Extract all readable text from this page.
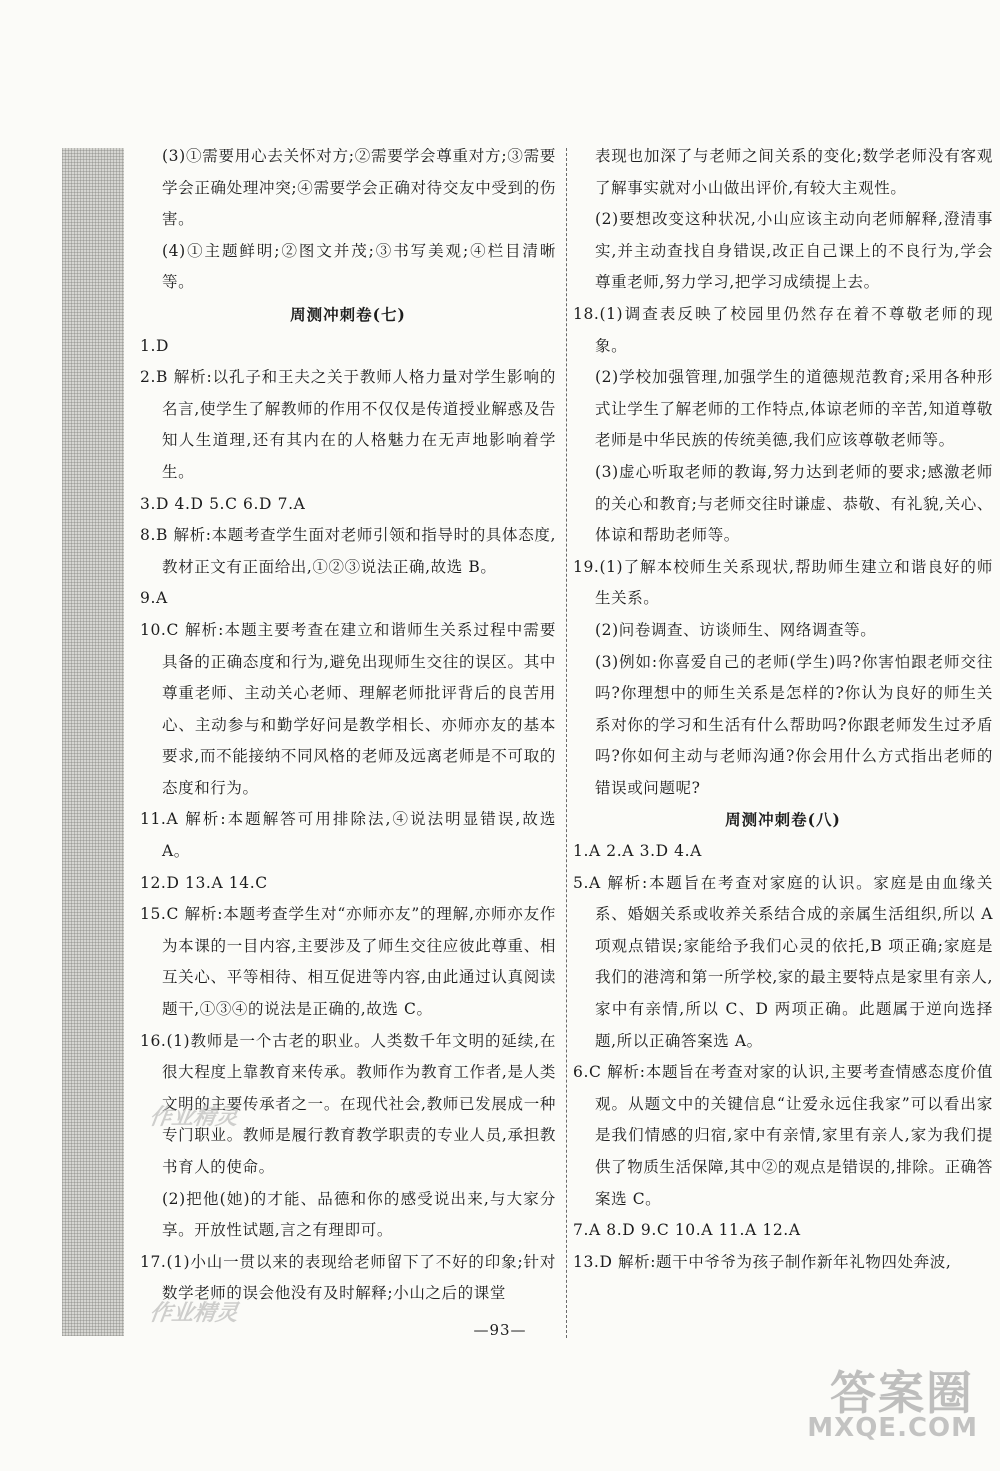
(3)①需要用心去关怀对方;②需要学会尊重对方;③需要学会正确处理冲突;④需要学会正确对待交友中受到的伤害。

(4)①主题鲜明;②图文并茂;③书写美观;④栏目清晰等。

周测冲刺卷(七)

1.D

2.B 解析:以孔子和王夫之关于教师人格力量对学生影响的名言,使学生了解教师的作用不仅仅是传道授业解惑及告知人生道理,还有其内在的人格魅力在无声地影响着学生。

3.D 4.D 5.C 6.D 7.A

8.B 解析:本题考查学生面对老师引领和指导时的具体态度,教材正文有正面给出,①②③说法正确,故选 B。

9.A

10.C 解析:本题主要考查在建立和谐师生关系过程中需要具备的正确态度和行为,避免出现师生交往的误区。其中尊重老师、主动关心老师、理解老师批评背后的良苦用心、主动参与和勤学好问是教学相长、亦师亦友的基本要求,而不能接纳不同风格的老师及远离老师是不可取的态度和行为。

11.A 解析:本题解答可用排除法,④说法明显错误,故选 A。

12.D 13.A 14.C

15.C 解析:本题考查学生对“亦师亦友”的理解,亦师亦友作为本课的一目内容,主要涉及了师生交往应彼此尊重、相互关心、平等相待、相互促进等内容,由此通过认真阅读题干,①③④的说法是正确的,故选 C。

16.(1)教师是一个古老的职业。人类数千年文明的延续,在很大程度上靠教育来传承。教师作为教育工作者,是人类文明的主要传承者之一。在现代社会,教师已发展成一种专门职业。教师是履行教育教学职责的专业人员,承担教书育人的使命。

(2)把他(她)的才能、品德和你的感受说出来,与大家分享。开放性试题,言之有理即可。

17.(1)小山一贯以来的表现给老师留下了不好的印象;针对数学老师的误会他没有及时解释;小山之后的课堂

表现也加深了与老师之间关系的变化;数学老师没有客观了解事实就对小山做出评价,有较大主观性。

(2)要想改变这种状况,小山应该主动向老师解释,澄清事实,并主动查找自身错误,改正自己课上的不良行为,学会尊重老师,努力学习,把学习成绩提上去。

18.(1)调查表反映了校园里仍然存在着不尊敬老师的现象。

(2)学校加强管理,加强学生的道德规范教育;采用各种形式让学生了解老师的工作特点,体谅老师的辛苦,知道尊敬老师是中华民族的传统美德,我们应该尊敬老师等。

(3)虚心听取老师的教诲,努力达到老师的要求;感激老师的关心和教育;与老师交往时谦虚、恭敬、有礼貌,关心、体谅和帮助老师等。

19.(1)了解本校师生关系现状,帮助师生建立和谐良好的师生关系。

(2)问卷调查、访谈师生、网络调查等。

(3)例如:你喜爱自己的老师(学生)吗?你害怕跟老师交往吗?你理想中的师生关系是怎样的?你认为良好的师生关系对你的学习和生活有什么帮助吗?你跟老师发生过矛盾吗?你如何主动与老师沟通?你会用什么方式指出老师的错误或问题呢?

周测冲刺卷(八)

1.A 2.A 3.D 4.A

5.A 解析:本题旨在考查对家庭的认识。家庭是由血缘关系、婚姻关系或收养关系结合成的亲属生活组织,所以 A 项观点错误;家能给予我们心灵的依托,B 项正确;家庭是我们的港湾和第一所学校,家的最主要特点是家里有亲人,家中有亲情,所以 C、D 两项正确。此题属于逆向选择题,所以正确答案选 A。

6.C 解析:本题旨在考查对家的认识,主要考查情感态度价值观。从题文中的关键信息“让爱永远住我家”可以看出家是我们情感的归宿,家中有亲情,家里有亲人,家为我们提供了物质生活保障,其中②的观点是错误的,排除。正确答案选 C。

7.A 8.D 9.C 10.A 11.A 12.A

13.D 解析:题干中爷爷为孩子制作新年礼物四处奔波,

—93—
作业精灵
作业精灵
答案圈
MXQE.COM
